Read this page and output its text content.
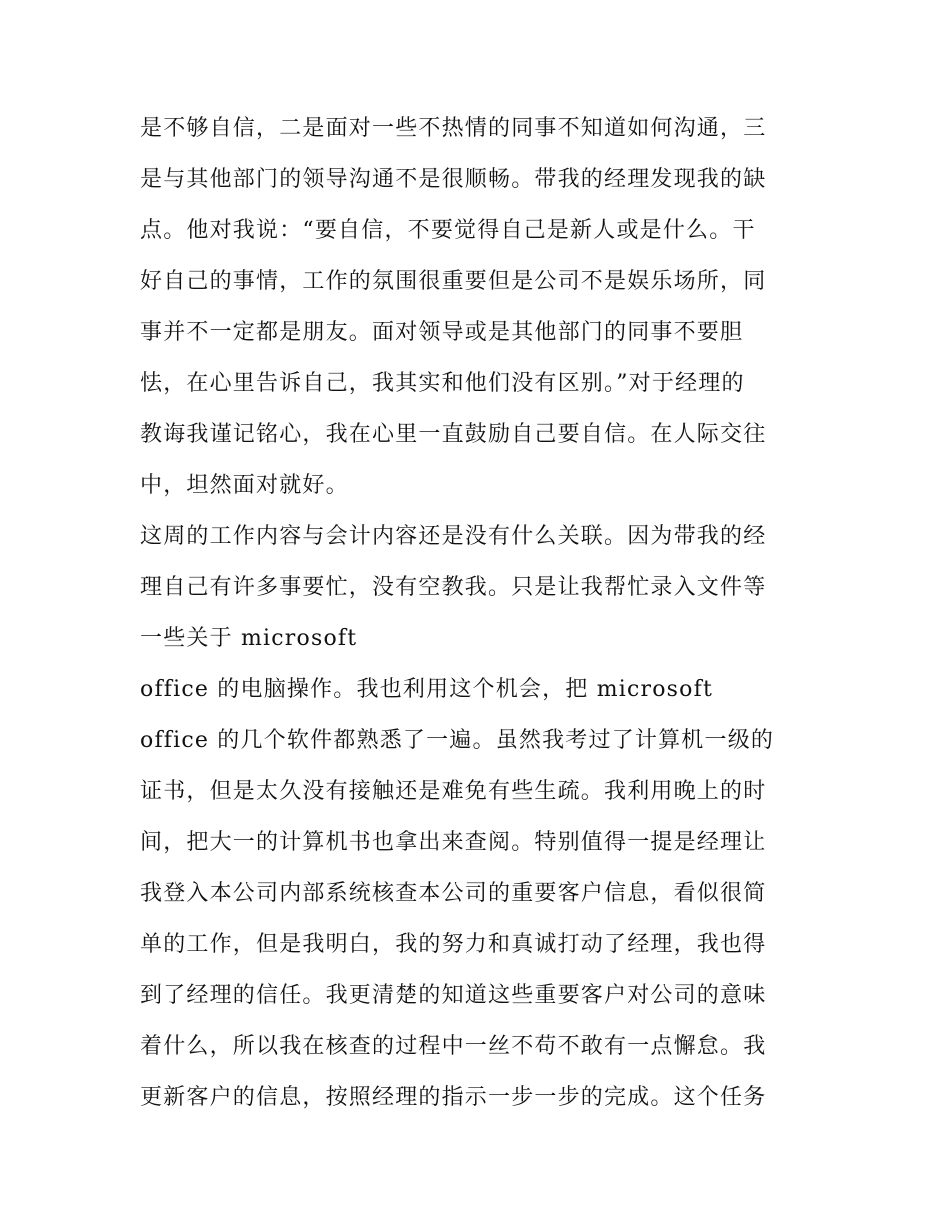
是不够自信，二是面对一些不热情的同事不知道如何沟通，三
是与其他部门的领导沟通不是很顺畅。带我的经理发现我的缺
点。他对我说：“要自信，不要觉得自己是新人或是什么。干
好自己的事情，工作的氛围很重要但是公司不是娱乐场所，同
事并不一定都是朋友。面对领导或是其他部门的同事不要胆
怯，在心里告诉自己，我其实和他们没有区别。”对于经理的
教诲我谨记铭心，我在心里一直鼓励自己要自信。在人际交往
中，坦然面对就好。
这周的工作内容与会计内容还是没有什么关联。因为带我的经
理自己有许多事要忙，没有空教我。只是让我帮忙录入文件等
一些关于 microsoft
office 的电脑操作。我也利用这个机会，把 microsoft
office 的几个软件都熟悉了一遍。虽然我考过了计算机一级的
证书，但是太久没有接触还是难免有些生疏。我利用晚上的时
间，把大一的计算机书也拿出来查阅。特别值得一提是经理让
我登入本公司内部系统核查本公司的重要客户信息，看似很简
单的工作，但是我明白，我的努力和真诚打动了经理，我也得
到了经理的信任。我更清楚的知道这些重要客户对公司的意味
着什么，所以我在核查的过程中一丝不苟不敢有一点懈怠。我
更新客户的信息，按照经理的指示一步一步的完成。这个任务
